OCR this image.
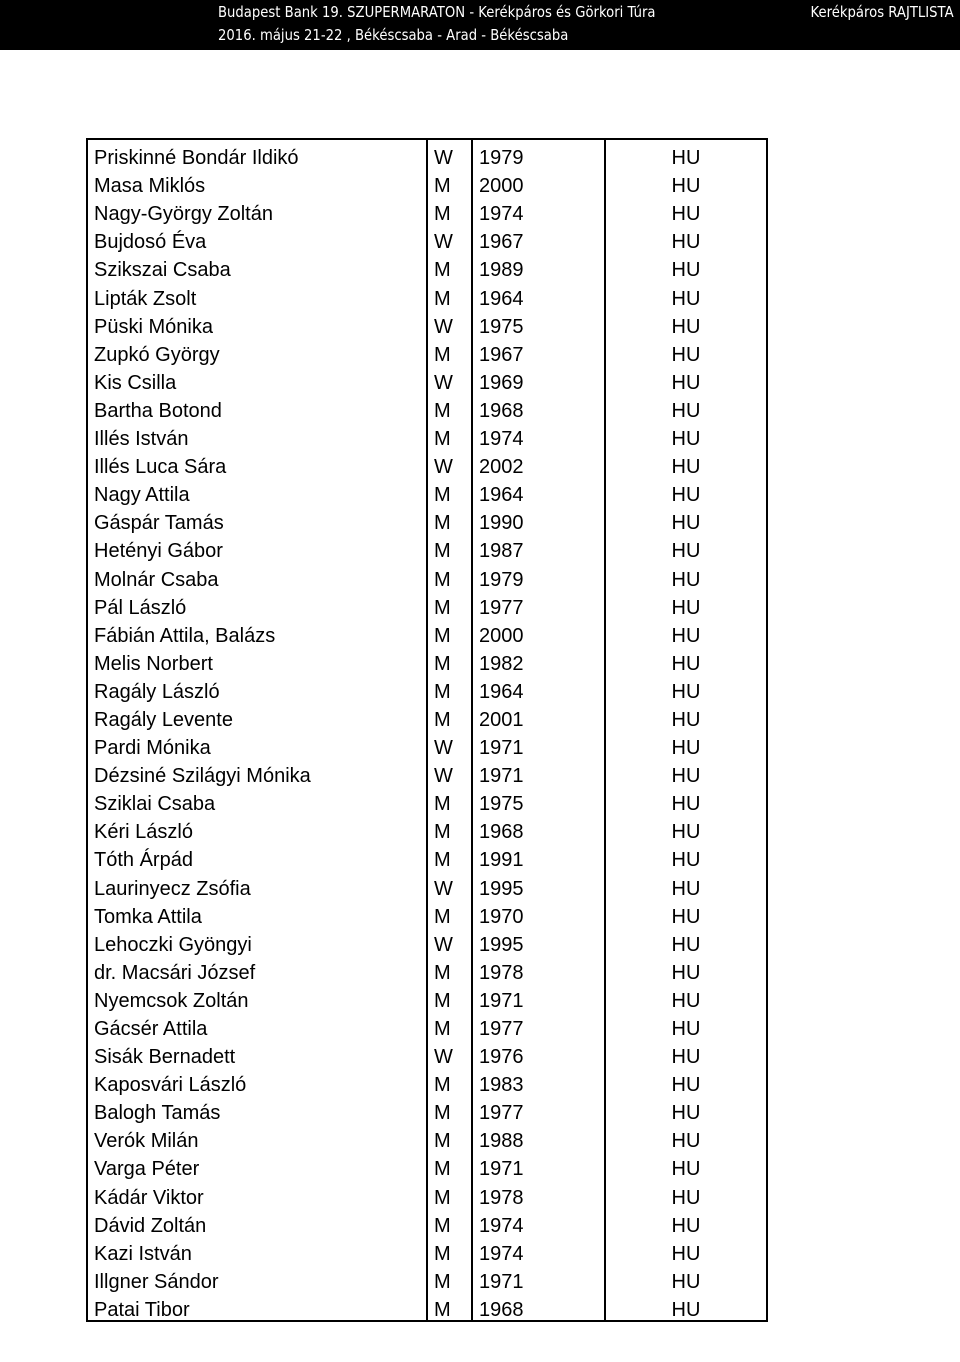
Budapest Bank 19. SZUPERMARATON - Kerékpáros és Görkori Túra
2016. május 21-22 , Békéscsaba - Arad - Békéscsaba
Kerékpáros RAJTLISTA
Priskinné Bondár Ildikó	W	1979	HU
Masa Miklós	M	2000	HU
Nagy-György Zoltán	M	1974	HU
Bujdosó Éva	W	1967	HU
Szikszai Csaba	M	1989	HU
Lipták Zsolt	M	1964	HU
Püski Mónika	W	1975	HU
Zupkó György	M	1967	HU
Kis Csilla	W	1969	HU
Bartha Botond	M	1968	HU
Illés István	M	1974	HU
Illés Luca Sára	W	2002	HU
Nagy Attila	M	1964	HU
Gáspár Tamás	M	1990	HU
Hetényi Gábor	M	1987	HU
Molnár Csaba	M	1979	HU
Pál László	M	1977	HU
Fábián Attila, Balázs	M	2000	HU
Melis Norbert	M	1982	HU
Ragály László	M	1964	HU
Ragály Levente	M	2001	HU
Pardi Mónika	W	1971	HU
Dézsiné Szilágyi Mónika	W	1971	HU
Sziklai Csaba	M	1975	HU
Kéri László	M	1968	HU
Tóth Árpád	M	1991	HU
Laurinyecz Zsófia	W	1995	HU
Tomka Attila	M	1970	HU
Lehoczki Gyöngyi	W	1995	HU
dr. Macsári József	M	1978	HU
Nyemcsok Zoltán	M	1971	HU
Gácsér Attila	M	1977	HU
Sisák Bernadett	W	1976	HU
Kaposvári László	M	1983	HU
Balogh Tamás	M	1977	HU
Verók Milán	M	1988	HU
Varga Péter	M	1971	HU
Kádár Viktor	M	1978	HU
Dávid Zoltán	M	1974	HU
Kazi István	M	1974	HU
Illgner Sándor	M	1971	HU
Patai Tibor	M	1968	HU
